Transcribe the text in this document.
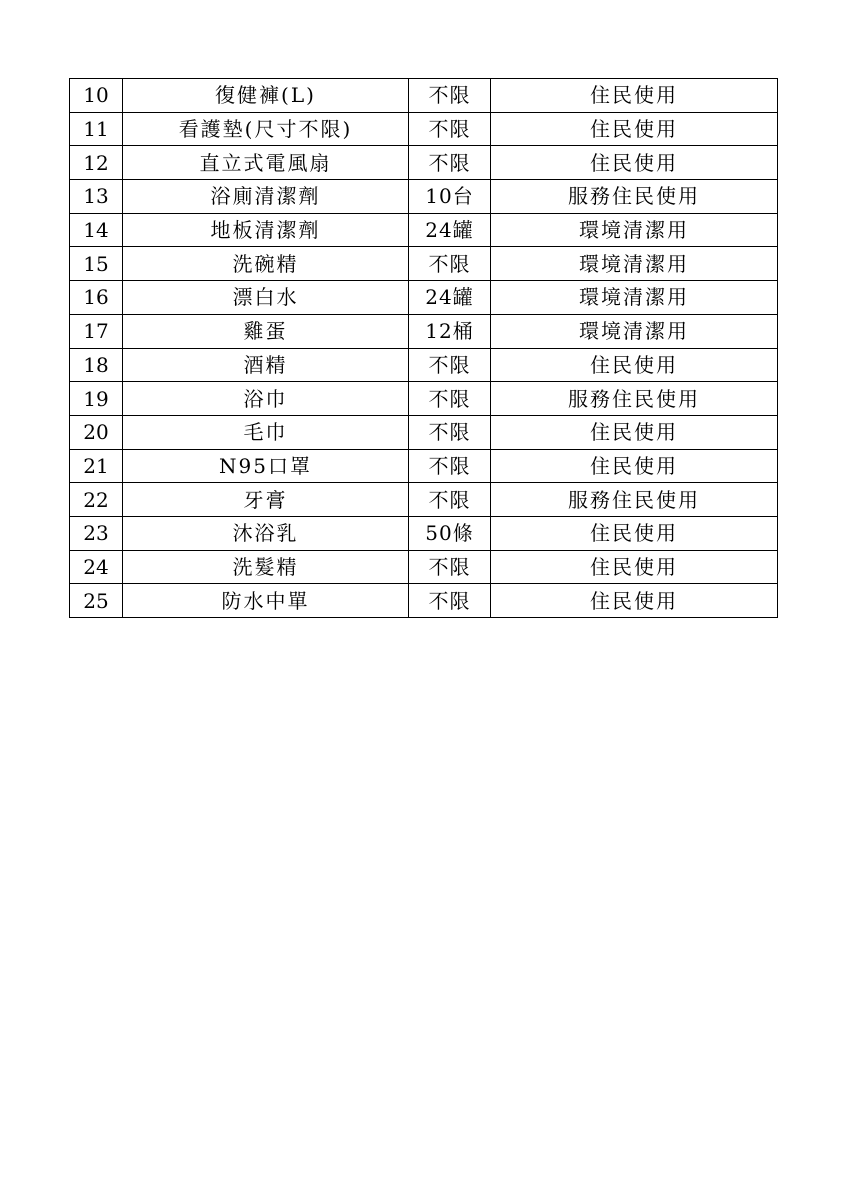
10	復健褲(L)	不限	住民使用
11	看護墊(尺寸不限)	不限	住民使用
12	直立式電風扇	不限	住民使用
13	浴廁清潔劑	10台	服務住民使用
14	地板清潔劑	24罐	環境清潔用
15	洗碗精	不限	環境清潔用
16	漂白水	24罐	環境清潔用
17	雞蛋	12桶	環境清潔用
18	酒精	不限	住民使用
19	浴巾	不限	服務住民使用
20	毛巾	不限	住民使用
21	N95口罩	不限	住民使用
22	牙膏	不限	服務住民使用
23	沐浴乳	50條	住民使用
24	洗髮精	不限	住民使用
25	防水中單	不限	住民使用
